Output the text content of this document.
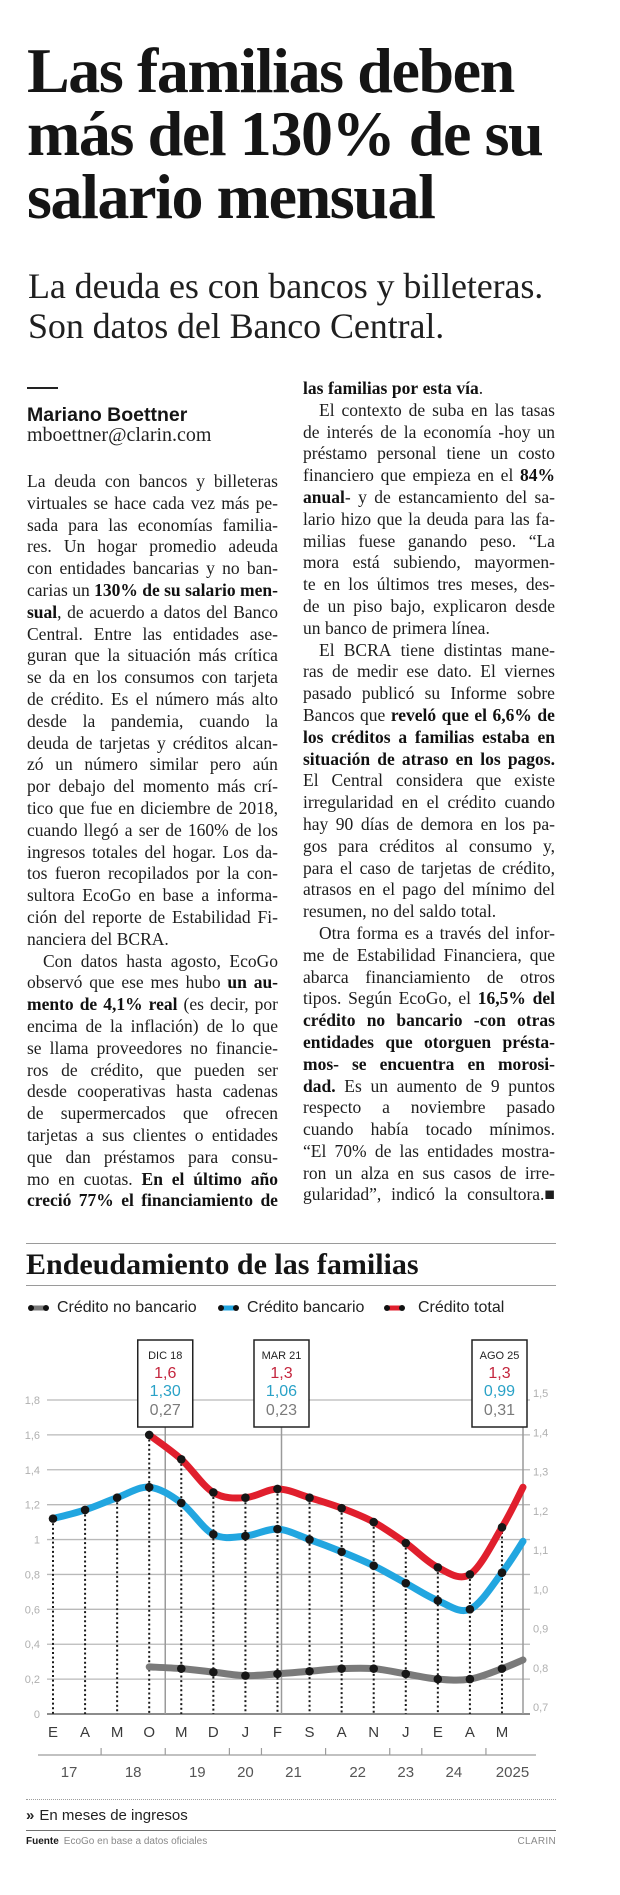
Las familias deben
más del 130% de su
salario mensual
La deuda es con bancos y billeteras.
Son datos del Banco Central.
Mariano Boettner
mboettner@clarin.com
La deuda con bancos y billeteras
virtuales se hace cada vez más pe-
sada para las economías familia-
res. Un hogar promedio adeuda
con entidades bancarias y no ban-
carias un 130% de su salario men-
sual, de acuerdo a datos del Banco
Central. Entre las entidades ase-
guran que la situación más crítica
se da en los consumos con tarjeta
de crédito. Es el número más alto
desde la pandemia, cuando la
deuda de tarjetas y créditos alcan-
zó un número similar pero aún
por debajo del momento más crí-
tico que fue en diciembre de 2018,
cuando llegó a ser de 160% de los
ingresos totales del hogar. Los da-
tos fueron recopilados por la con-
sultora EcoGo en base a informa-
ción del reporte de Estabilidad Fi-
nanciera del BCRA.
Con datos hasta agosto, EcoGo
observó que ese mes hubo un au-
mento de 4,1% real (es decir, por
encima de la inflación) de lo que
se llama proveedores no financie-
ros de crédito, que pueden ser
desde cooperativas hasta cadenas
de supermercados que ofrecen
tarjetas a sus clientes o entidades
que dan préstamos para consu-
mo en cuotas. En el último año
creció 77% el financiamiento de
las familias por esta vía.
El contexto de suba en las tasas
de interés de la economía -hoy un
préstamo personal tiene un costo
financiero que empieza en el 84%
anual- y de estancamiento del sa-
lario hizo que la deuda para las fa-
milias fuese ganando peso. “La
mora está subiendo, mayormen-
te en los últimos tres meses, des-
de un piso bajo, explicaron desde
un banco de primera línea.
El BCRA tiene distintas mane-
ras de medir ese dato. El viernes
pasado publicó su Informe sobre
Bancos que reveló que el 6,6% de
los créditos a familias estaba en
situación de atraso en los pagos.
El Central considera que existe
irregularidad en el crédito cuando
hay 90 días de demora en los pa-
gos para créditos al consumo y,
para el caso de tarjetas de crédito,
atrasos en el pago del mínimo del
resumen, no del saldo total.
Otra forma es a través del infor-
me de Estabilidad Financiera, que
abarca financiamiento de otros
tipos. Según EcoGo, el 16,5% del
crédito no bancario -con otras
entidades que otorguen présta-
mos- se encuentra en morosi-
dad. Es un aumento de 9 puntos
respecto a noviembre pasado
cuando había tocado mínimos.
“El 70% de las entidades mostra-
ron un alza en sus casos de irre-
gularidad”, indicó la consultora.■
Endeudamiento de las familias
Crédito no bancario	Crédito bancario	Crédito total
0
0,2
0,4
0,6
0,8
1
1,2
1,4
1,6
1,8
0,7
0,8
0,9
1,0
1,1
1,2
1,3
1,4
1,5
DIC 18
1,6
1,30
0,27
MAR 21
1,3
1,06
0,23
AGO 25
1,3
0,99
0,31
E A M O M D J F S A N J E A M
17	18	19 20 21	22 23 24 2025
» En meses de ingresos
Fuente EcoGo en base a datos oficiales	CLARIN
